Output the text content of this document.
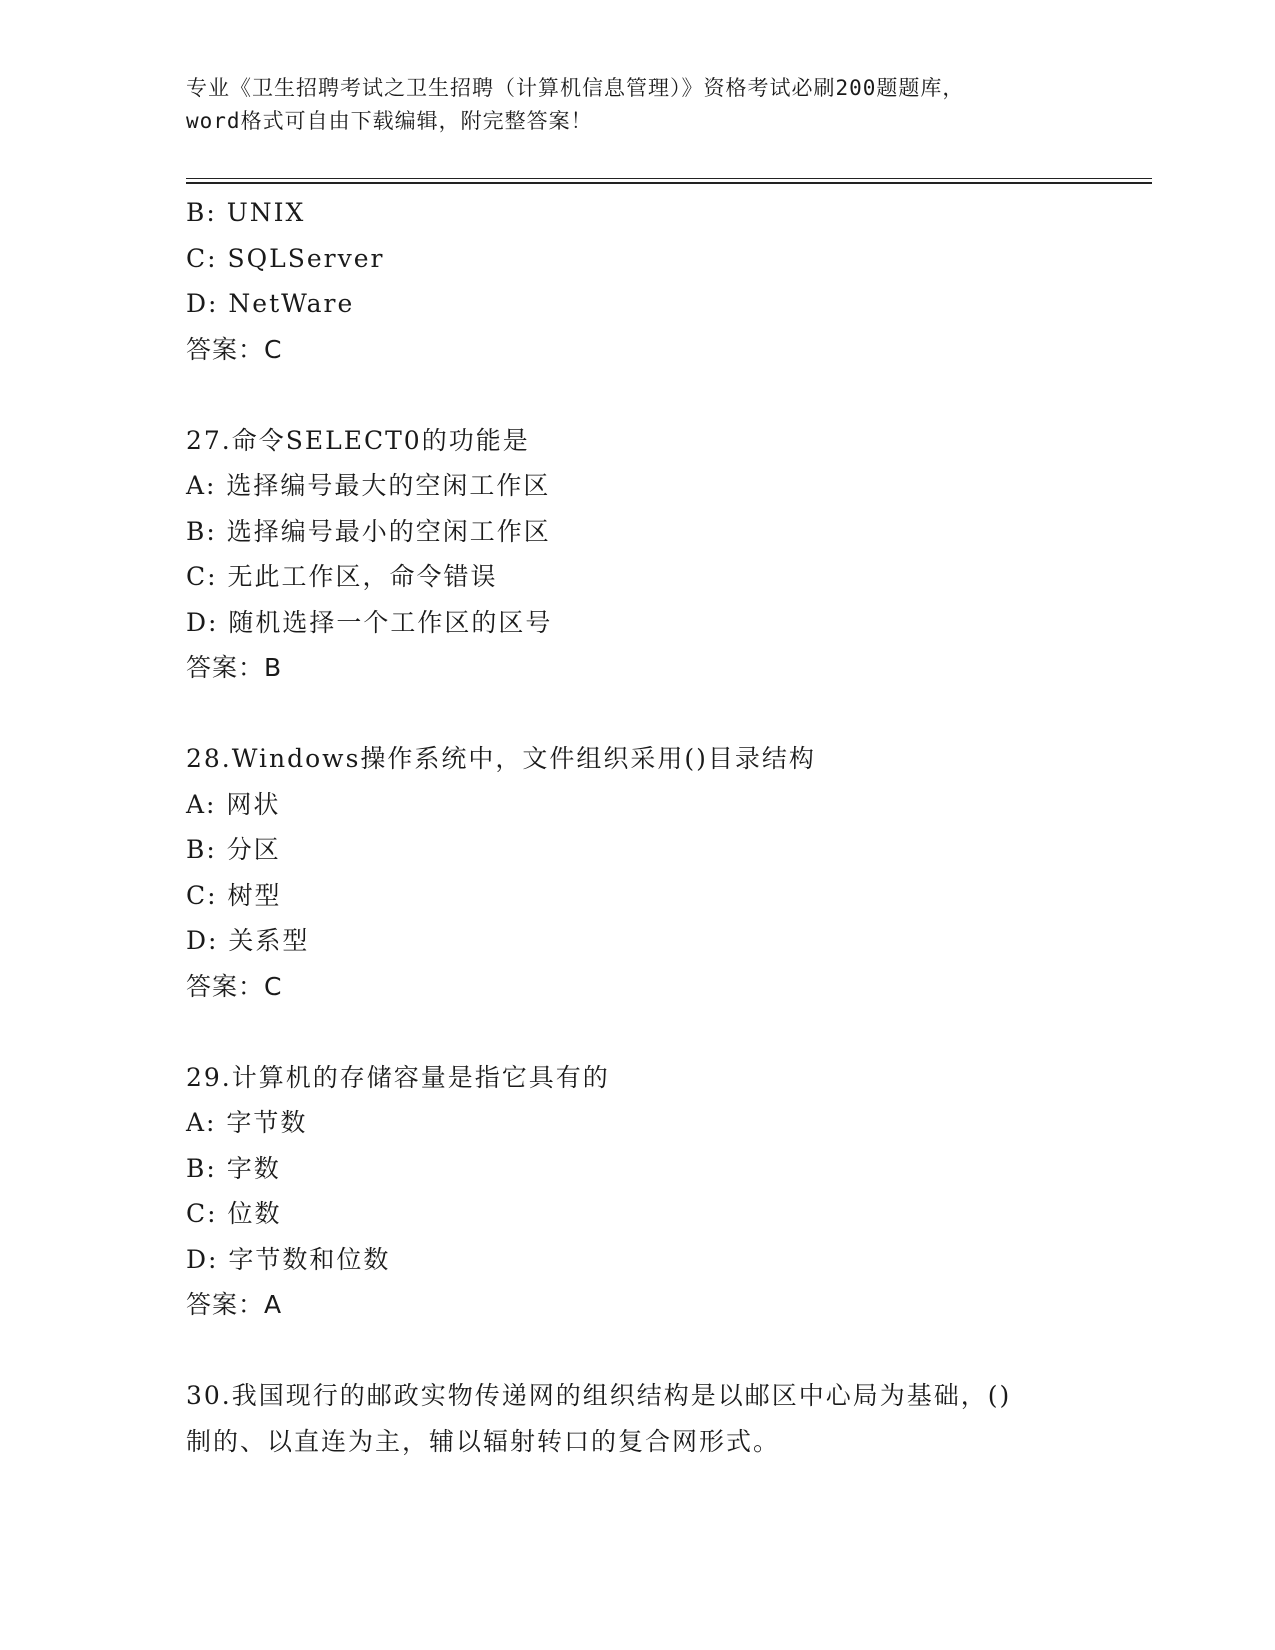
专业《卫生招聘考试之卫生招聘（计算机信息管理）》资格考试必刷200题题库，
word格式可自由下载编辑，附完整答案！
B: UNIX
C: SQLServer
D: NetWare
答案：C
27.命令SELECT0的功能是
A: 选择编号最大的空闲工作区
B: 选择编号最小的空闲工作区
C: 无此工作区，命令错误
D: 随机选择一个工作区的区号
答案：B
28.Windows操作系统中，文件组织采用()目录结构
A: 网状
B: 分区
C: 树型
D: 关系型
答案：C
29.计算机的存储容量是指它具有的
A: 字节数
B: 字数
C: 位数
D: 字节数和位数
答案：A
30.我国现行的邮政实物传递网的组织结构是以邮区中心局为基础，()
制的、以直连为主，辅以辐射转口的复合网形式。
